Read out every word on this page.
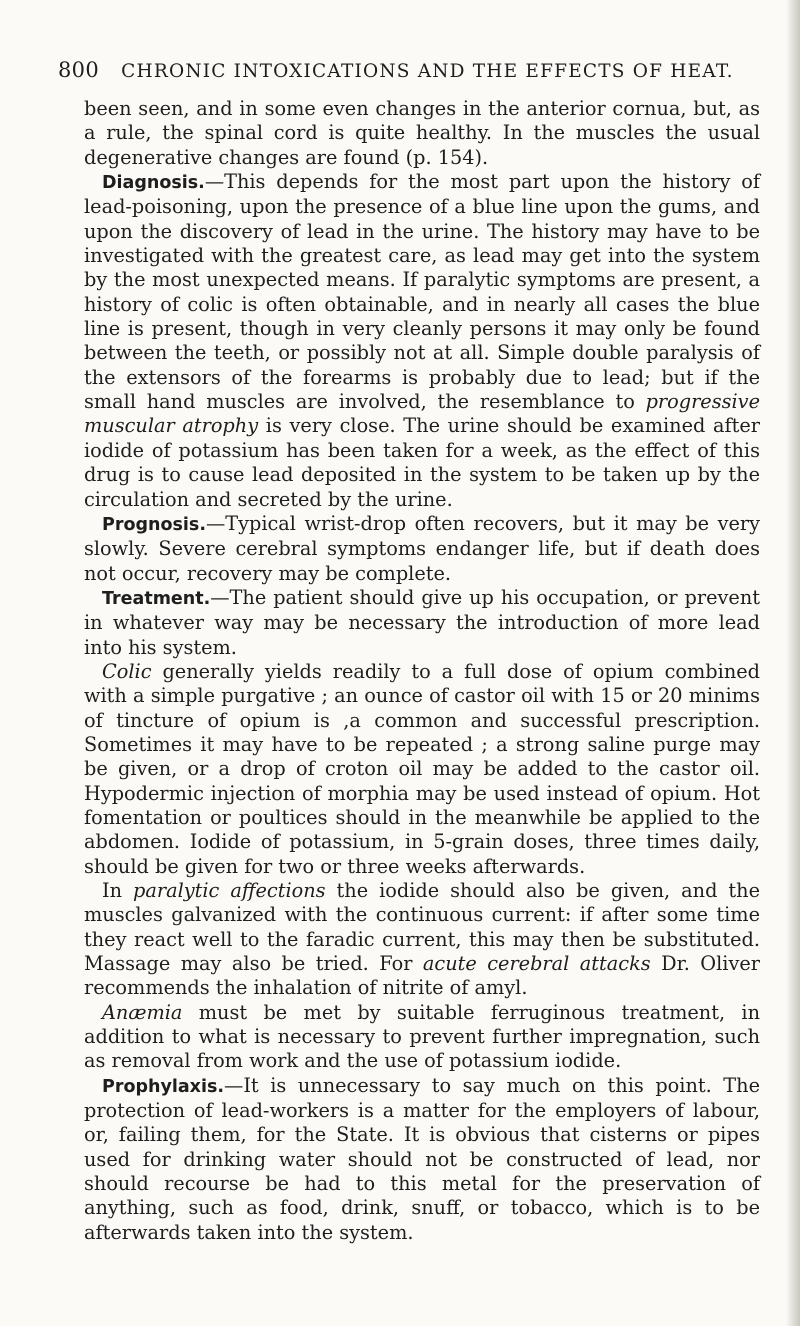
800 CHRONIC INTOXICATIONS AND THE EFFECTS OF HEAT.

been seen, and in some even changes in the anterior cornua, but, as a rule, the spinal cord is quite healthy. In the muscles the usual degenerative changes are found (p. 154).

Diagnosis.—This depends for the most part upon the history of lead-poisoning, upon the presence of a blue line upon the gums, and upon the discovery of lead in the urine. The history may have to be investigated with the greatest care, as lead may get into the system by the most unexpected means. If paralytic symptoms are present, a history of colic is often obtainable, and in nearly all cases the blue line is present, though in very cleanly persons it may only be found between the teeth, or possibly not at all. Simple double paralysis of the extensors of the forearms is probably due to lead; but if the small hand muscles are involved, the resemblance to progressive muscular atrophy is very close. The urine should be examined after iodide of potassium has been taken for a week, as the effect of this drug is to cause lead deposited in the system to be taken up by the circulation and secreted by the urine.

Prognosis.—Typical wrist-drop often recovers, but it may be very slowly. Severe cerebral symptoms endanger life, but if death does not occur, recovery may be complete.

Treatment.—The patient should give up his occupation, or prevent in whatever way may be necessary the introduction of more lead into his system.

Colic generally yields readily to a full dose of opium combined with a simple purgative ; an ounce of castor oil with 15 or 20 minims of tincture of opium is ,a common and successful prescription. Sometimes it may have to be repeated ; a strong saline purge may be given, or a drop of croton oil may be added to the castor oil. Hypodermic injection of morphia may be used instead of opium. Hot fomentation or poultices should in the meanwhile be applied to the abdomen. Iodide of potassium, in 5-grain doses, three times daily, should be given for two or three weeks afterwards.

In paralytic affections the iodide should also be given, and the muscles galvanized with the continuous current: if after some time they react well to the faradic current, this may then be substituted. Massage may also be tried. For acute cerebral attacks Dr. Oliver recommends the inhalation of nitrite of amyl.

Anæmia must be met by suitable ferruginous treatment, in addition to what is necessary to prevent further impregnation, such as removal from work and the use of potassium iodide.

Prophylaxis.—It is unnecessary to say much on this point. The protection of lead-workers is a matter for the employers of labour, or, failing them, for the State. It is obvious that cisterns or pipes used for drinking water should not be constructed of lead, nor should recourse be had to this metal for the preservation of anything, such as food, drink, snuff, or tobacco, which is to be afterwards taken into the system.
